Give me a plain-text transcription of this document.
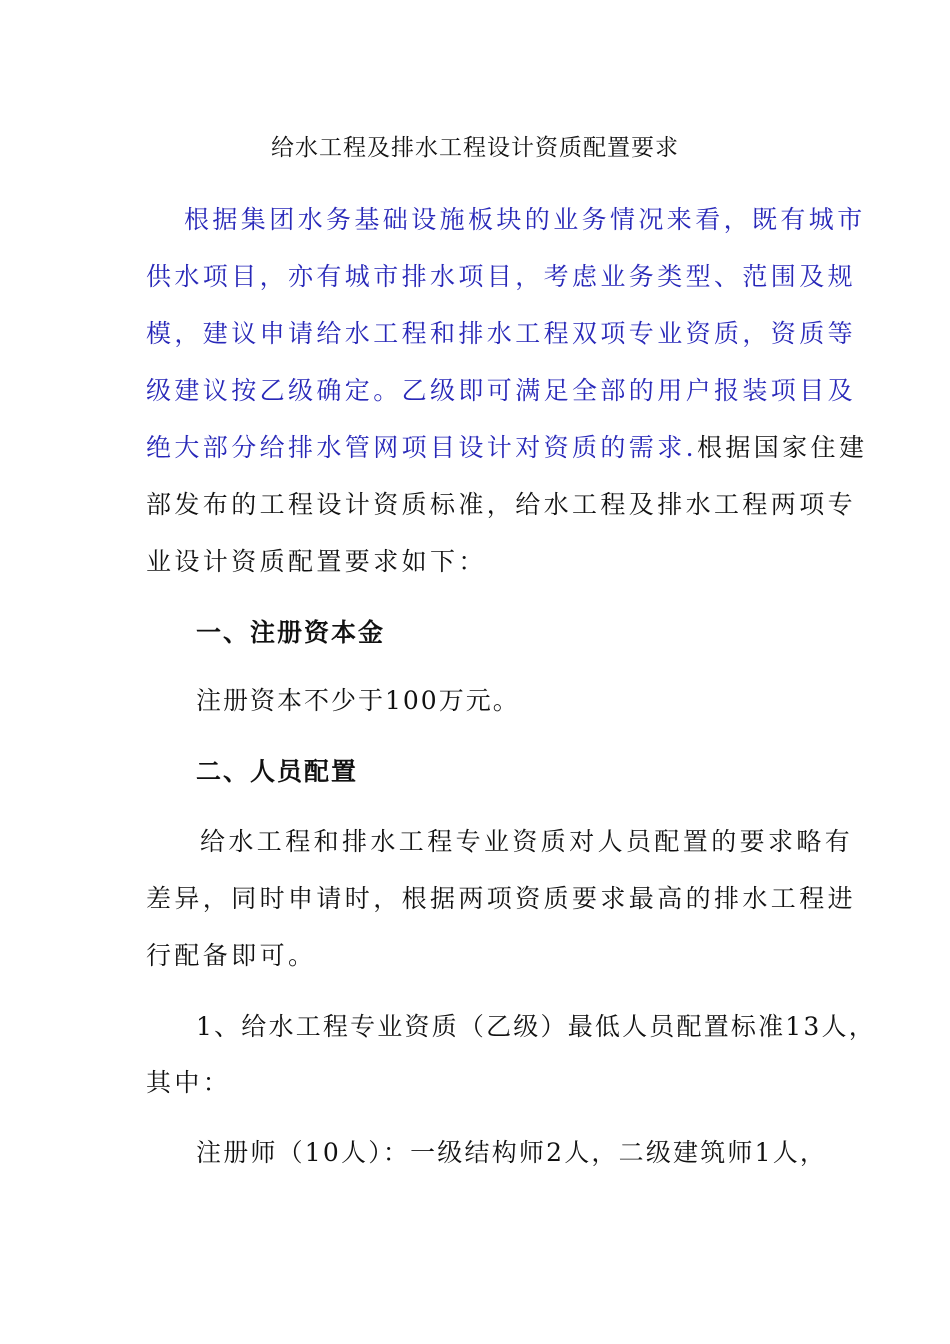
给水工程及排水工程设计资质配置要求
根据集团水务基础设施板块的业务情况来看，既有城市
供水项目，亦有城市排水项目，考虑业务类型、范围及规
模，建议申请给水工程和排水工程双项专业资质，资质等
级建议按乙级确定。乙级即可满足全部的用户报装项目及
绝大部分给排水管网项目设计对资质的需求.根据国家住建
部发布的工程设计资质标准，给水工程及排水工程两项专
业设计资质配置要求如下：
一、注册资本金
注册资本不少于100万元。
二、人员配置
给水工程和排水工程专业资质对人员配置的要求略有
差异，同时申请时，根据两项资质要求最高的排水工程进
行配备即可。
1、给水工程专业资质（乙级）最低人员配置标准13人，
其中：
注册师（10人）：一级结构师2人，二级建筑师1人，
